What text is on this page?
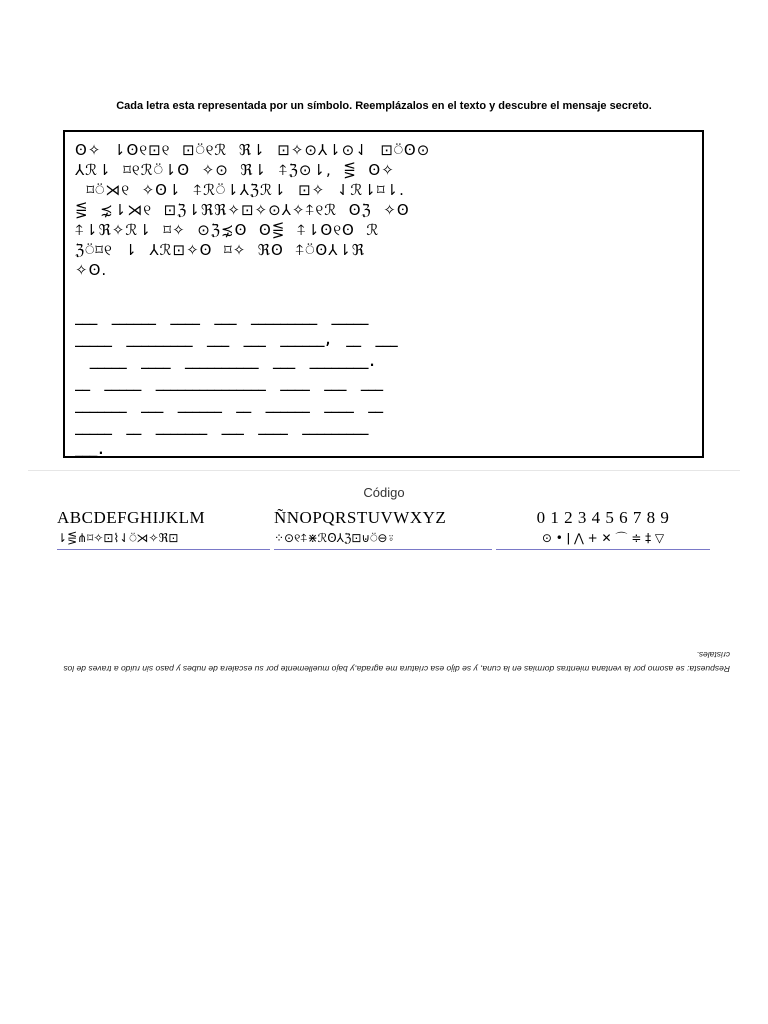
Cada letra esta representada por un símbolo. Reemplázalos en el texto y descubre el mensaje secreto.
ʘ✧  ⇂ʘ୧⊡୧  ⊡⍥୧ℛ  ℜ⇂  ⊡✧⊙⅄⇂⊙⇃  ⊡⍥ʘ⊙
⅄ℛ⇂  ⌑୧ℛ⍥⇂ʘ  ✧⊙  ℜ⇂  ⍏ℨ⊙⇂,  ⋚  ʘ✧
⌑⍥⋊୧  ✧ʘ⇂  ⍏ℛ⍥⇂⅄ℨℛ⇂  ⊡✧  ⇃ℛ⇂⌑⇂.
⋚  ⋨⇂⋊୧  ⊡ℨ⇂ℜℜ✧⊡✧⊙⅄✧⍏୧ℛ  ʘℨ  ✧ʘ
⍏⇂ℜ✧ℛ⇂  ⌑✧  ⊙ℨ⋨ʘ  ʘ⋚  ⍏⇂ʘ୧ʘ  ℛ
ℨ⍥⌑୧  ⇂  ⅄ℛ⊡✧ʘ  ⌑✧  ℜʘ  ⍏⍥ʘ⅄⇂ℜ
✧ʘ.
___  ______  ____  ___  _________  _____
_____  _________  ___  ___  ______,  __  ___
_____  ____  __________  ___  ________.
__  _____  _______________  ____  ___  ___
_______  ___  ______  __  ______  ____  __
_____  __  _______  ___  ____  _________
___.
Código
ABCDEFGHIJKLM
⇂⋚⋔⌑✧⊡⌇⇃⍥⋊✧ℜ⊡
ÑNOPQRSTUVWXYZ
⁘⊙୧⍏⋇ℛʘ⅄ℨ⊡⊍⍥⊖⍤
0 1 2 3 4 5 6 7 8 9
⊙ • ǀ ⋀ + ✕ ⌒ ≑ ‡ ▽
Respuesta: se asomo por la ventana mientras dormias en la cuna, y se dijo esa criatura me agrada,y bajo muellemente por su escalera de nubes y paso sin ruido a traves de los cristales.
